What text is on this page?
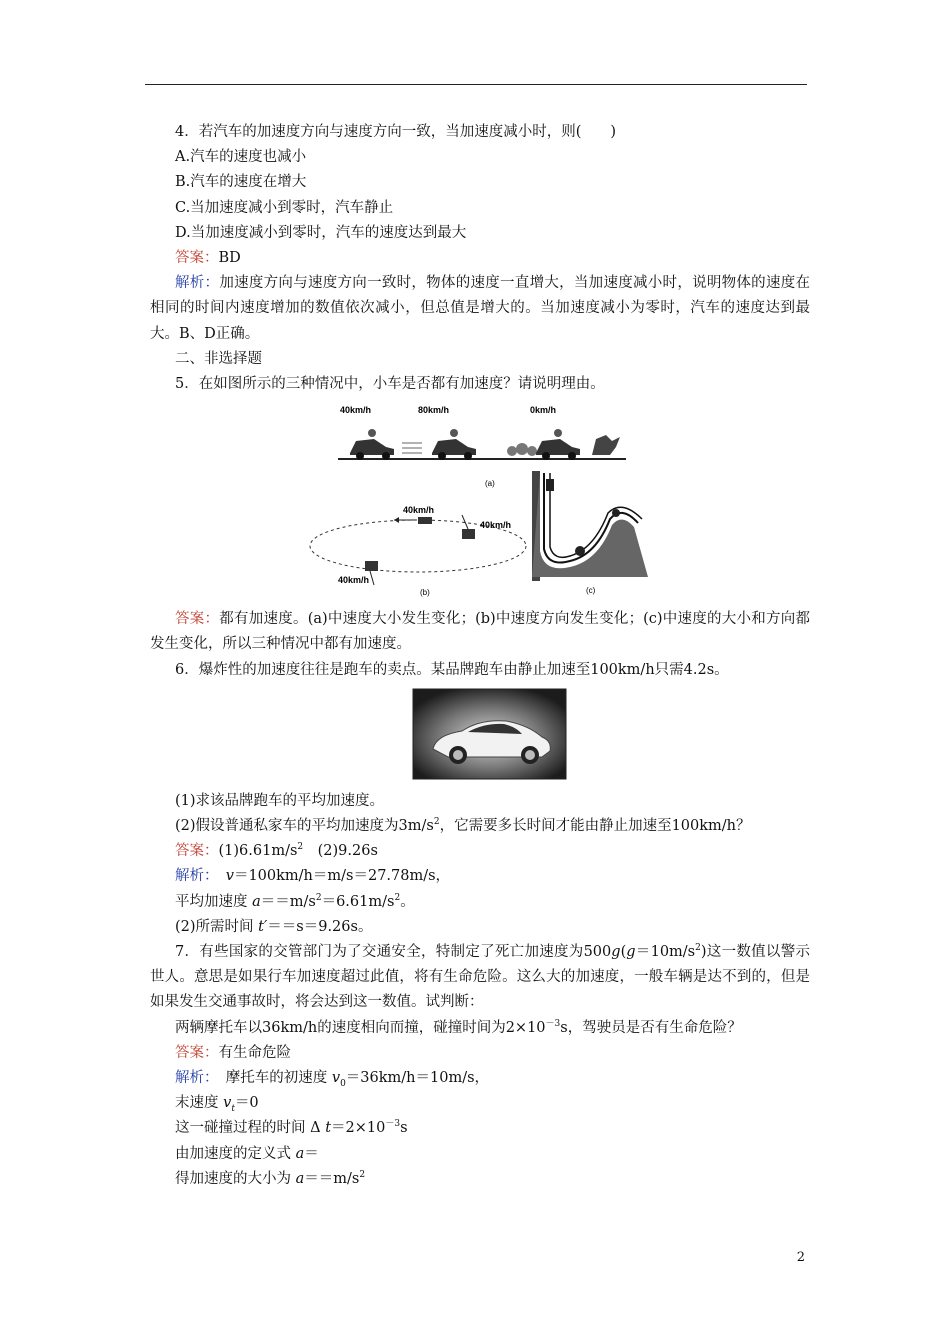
4．若汽车的加速度方向与速度方向一致，当加速度减小时，则(　　)
A.汽车的速度也减小
B.汽车的速度在增大
C.当加速度减小到零时，汽车静止
D.当加速度减小到零时，汽车的速度达到最大
答案：BD
解析：加速度方向与速度方向一致时，物体的速度一直增大，当加速度减小时，说明物体的速度在相同的时间内速度增加的数值依次减小，但总值是增大的。当加速度减小为零时，汽车的速度达到最大。B、D正确。
二、非选择题
5．在如图所示的三种情况中，小车是否都有加速度？请说明理由。
40km/h	80km/h	0km/h
(a)
40km/h
40km/h
40km/h
(b)	(c)
答案：都有加速度。(a)中速度大小发生变化；(b)中速度方向发生变化；(c)中速度的大小和方向都发生变化，所以三种情况中都有加速度。
6．爆炸性的加速度往往是跑车的卖点。某品牌跑车由静止加速至100km/h只需4.2s。
(1)求该品牌跑车的平均加速度。
(2)假设普通私家车的平均加速度为$3m/s^2$，它需要多长时间才能由静止加速至100km/h？
答案：$(1)6.61m/s^2$　(2)9.26s
解析：　 v＝100km/h＝m/s＝27.78m/s，
平均加速度 $a==m/s^2=6.61m/s^2$。
(2)所需时间 t′＝＝s＝9.26s。
7．有些国家的交管部门为了交通安全，特制定了死亡加速度为$500g(g=10m/s^2)$这一数值以警示世人。意思是如果行车加速度超过此值，将有生命危险。这么大的加速度，一般车辆是达不到的，但是如果发生交通事故时，将会达到这一数值。试判断：
两辆摩托车以36km/h的速度相向而撞，碰撞时间为$2\times 10^{-3}s$，驾驶员是否有生命危险？
答案：有生命危险
解析：　 摩托车的初速度 $v_0=36km/h=10m/s$，
末速度 $v_t=0$
这一碰撞过程的时间 Δ $t=2\times 10^{-3}s$
由加速度的定义式 a＝
得加速度的大小为 $a==m/s^2$
2
